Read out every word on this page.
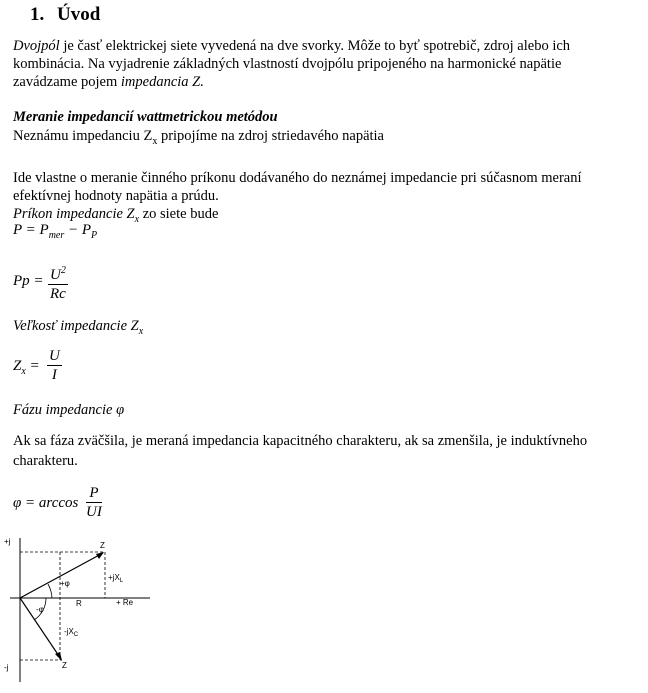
1. Úvod
Dvojpól je časť elektrickej siete vyvedená na dve svorky. Môže to byť spotrebič, zdroj alebo ich
kombinácia. Na vyjadrenie základných vlastností dvojpólu pripojeného na harmonické napätie
zavádzame pojem impedancia Z.
Meranie impedancií wattmetrickou metódou
Neznámu impedanciu $Z_x$ pripojíme na zdroj striedavého napätia
Ide vlastne o meranie činného príkonu dodávaného do neznámej impedancie pri súčasnom meraní
efektívnej hodnoty napätia a prúdu.
Príkon impedancie $Z_x$ zo siete bude
$P = P_{mer} - P_P$
$Pp = \frac{U^2}{Rc}$
Veľkosť impedancie $Z_x$
$Z_x = \frac{U}{I}$
Fázu impedancie φ
Ak sa fáza zväčšila, je meraná impedancia kapacitného charakteru, ak sa zmenšila, je induktívneho
charakteru.
$\varphi = \arccos \frac{P}{UI}$
+j
-j
+ Re
R
Z
Z
$+jX_L$
$-jX_C$
+φ
-φ
